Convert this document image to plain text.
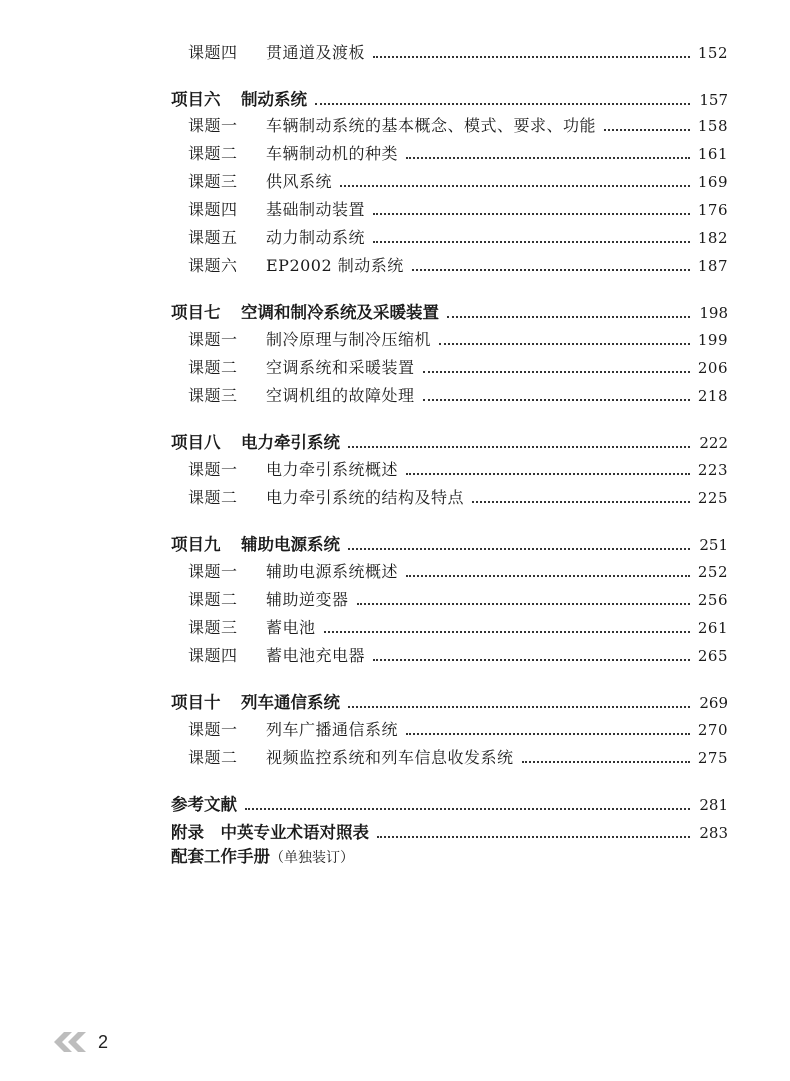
课题四	贯通道及渡板	152
项目六	制动系统	157
课题一	车辆制动系统的基本概念、模式、要求、功能	158
课题二	车辆制动机的种类	161
课题三	供风系统	169
课题四	基础制动装置	176
课题五	动力制动系统	182
课题六	EP2002 制动系统	187
项目七	空调和制冷系统及采暖装置	198
课题一	制冷原理与制冷压缩机	199
课题二	空调系统和采暖装置	206
课题三	空调机组的故障处理	218
项目八	电力牵引系统	222
课题一	电力牵引系统概述	223
课题二	电力牵引系统的结构及特点	225
项目九	辅助电源系统	251
课题一	辅助电源系统概述	252
课题二	辅助逆变器	256
课题三	蓄电池	261
课题四	蓄电池充电器	265
项目十	列车通信系统	269
课题一	列车广播通信系统	270
课题二	视频监控系统和列车信息收发系统	275
参考文献	281
附录　中英专业术语对照表	283
配套工作手册 （单独装订）
2
